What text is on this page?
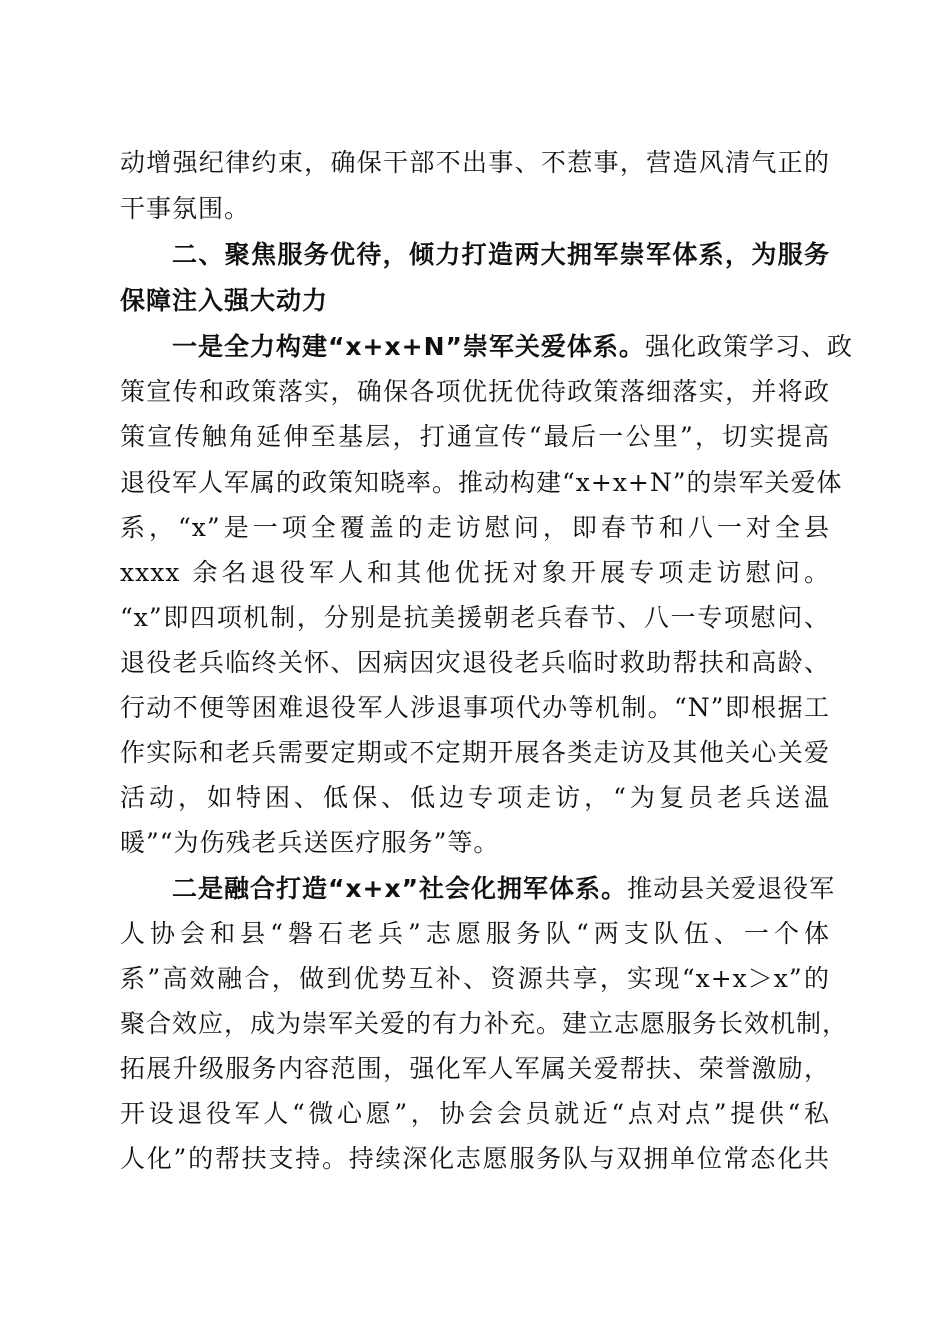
动增强纪律约束，确保干部不出事、不惹事，营造风清气正的
干事氛围。
二、聚焦服务优待，倾力打造两大拥军崇军体系，为服务
保障注入强大动力
一是全力构建“x+x+N”崇军关爱体系。强化政策学习、政
策宣传和政策落实，确保各项优抚优待政策落细落实，并将政
策宣传触角延伸至基层，打通宣传“最后一公里”，切实提高
退役军人军属的政策知晓率。推动构建“x+x+N”的崇军关爱体
系，“x”是一项全覆盖的走访慰问，即春节和八一对全县
xxxx 余名退役军人和其他优抚对象开展专项走访慰问。
“x”即四项机制，分别是抗美援朝老兵春节、八一专项慰问、
退役老兵临终关怀、因病因灾退役老兵临时救助帮扶和高龄、
行动不便等困难退役军人涉退事项代办等机制。“N”即根据工
作实际和老兵需要定期或不定期开展各类走访及其他关心关爱
活动，如特困、低保、低边专项走访，“为复员老兵送温
暖”“为伤残老兵送医疗服务”等。
二是融合打造“x+x”社会化拥军体系。推动县关爱退役军
人协会和县“磐石老兵”志愿服务队“两支队伍、一个体
系”高效融合，做到优势互补、资源共享，实现“x+x＞x”的
聚合效应，成为崇军关爱的有力补充。建立志愿服务长效机制，
拓展升级服务内容范围，强化军人军属关爱帮扶、荣誉激励，
开设退役军人“微心愿”，协会会员就近“点对点”提供“私
人化”的帮扶支持。持续深化志愿服务队与双拥单位常态化共
